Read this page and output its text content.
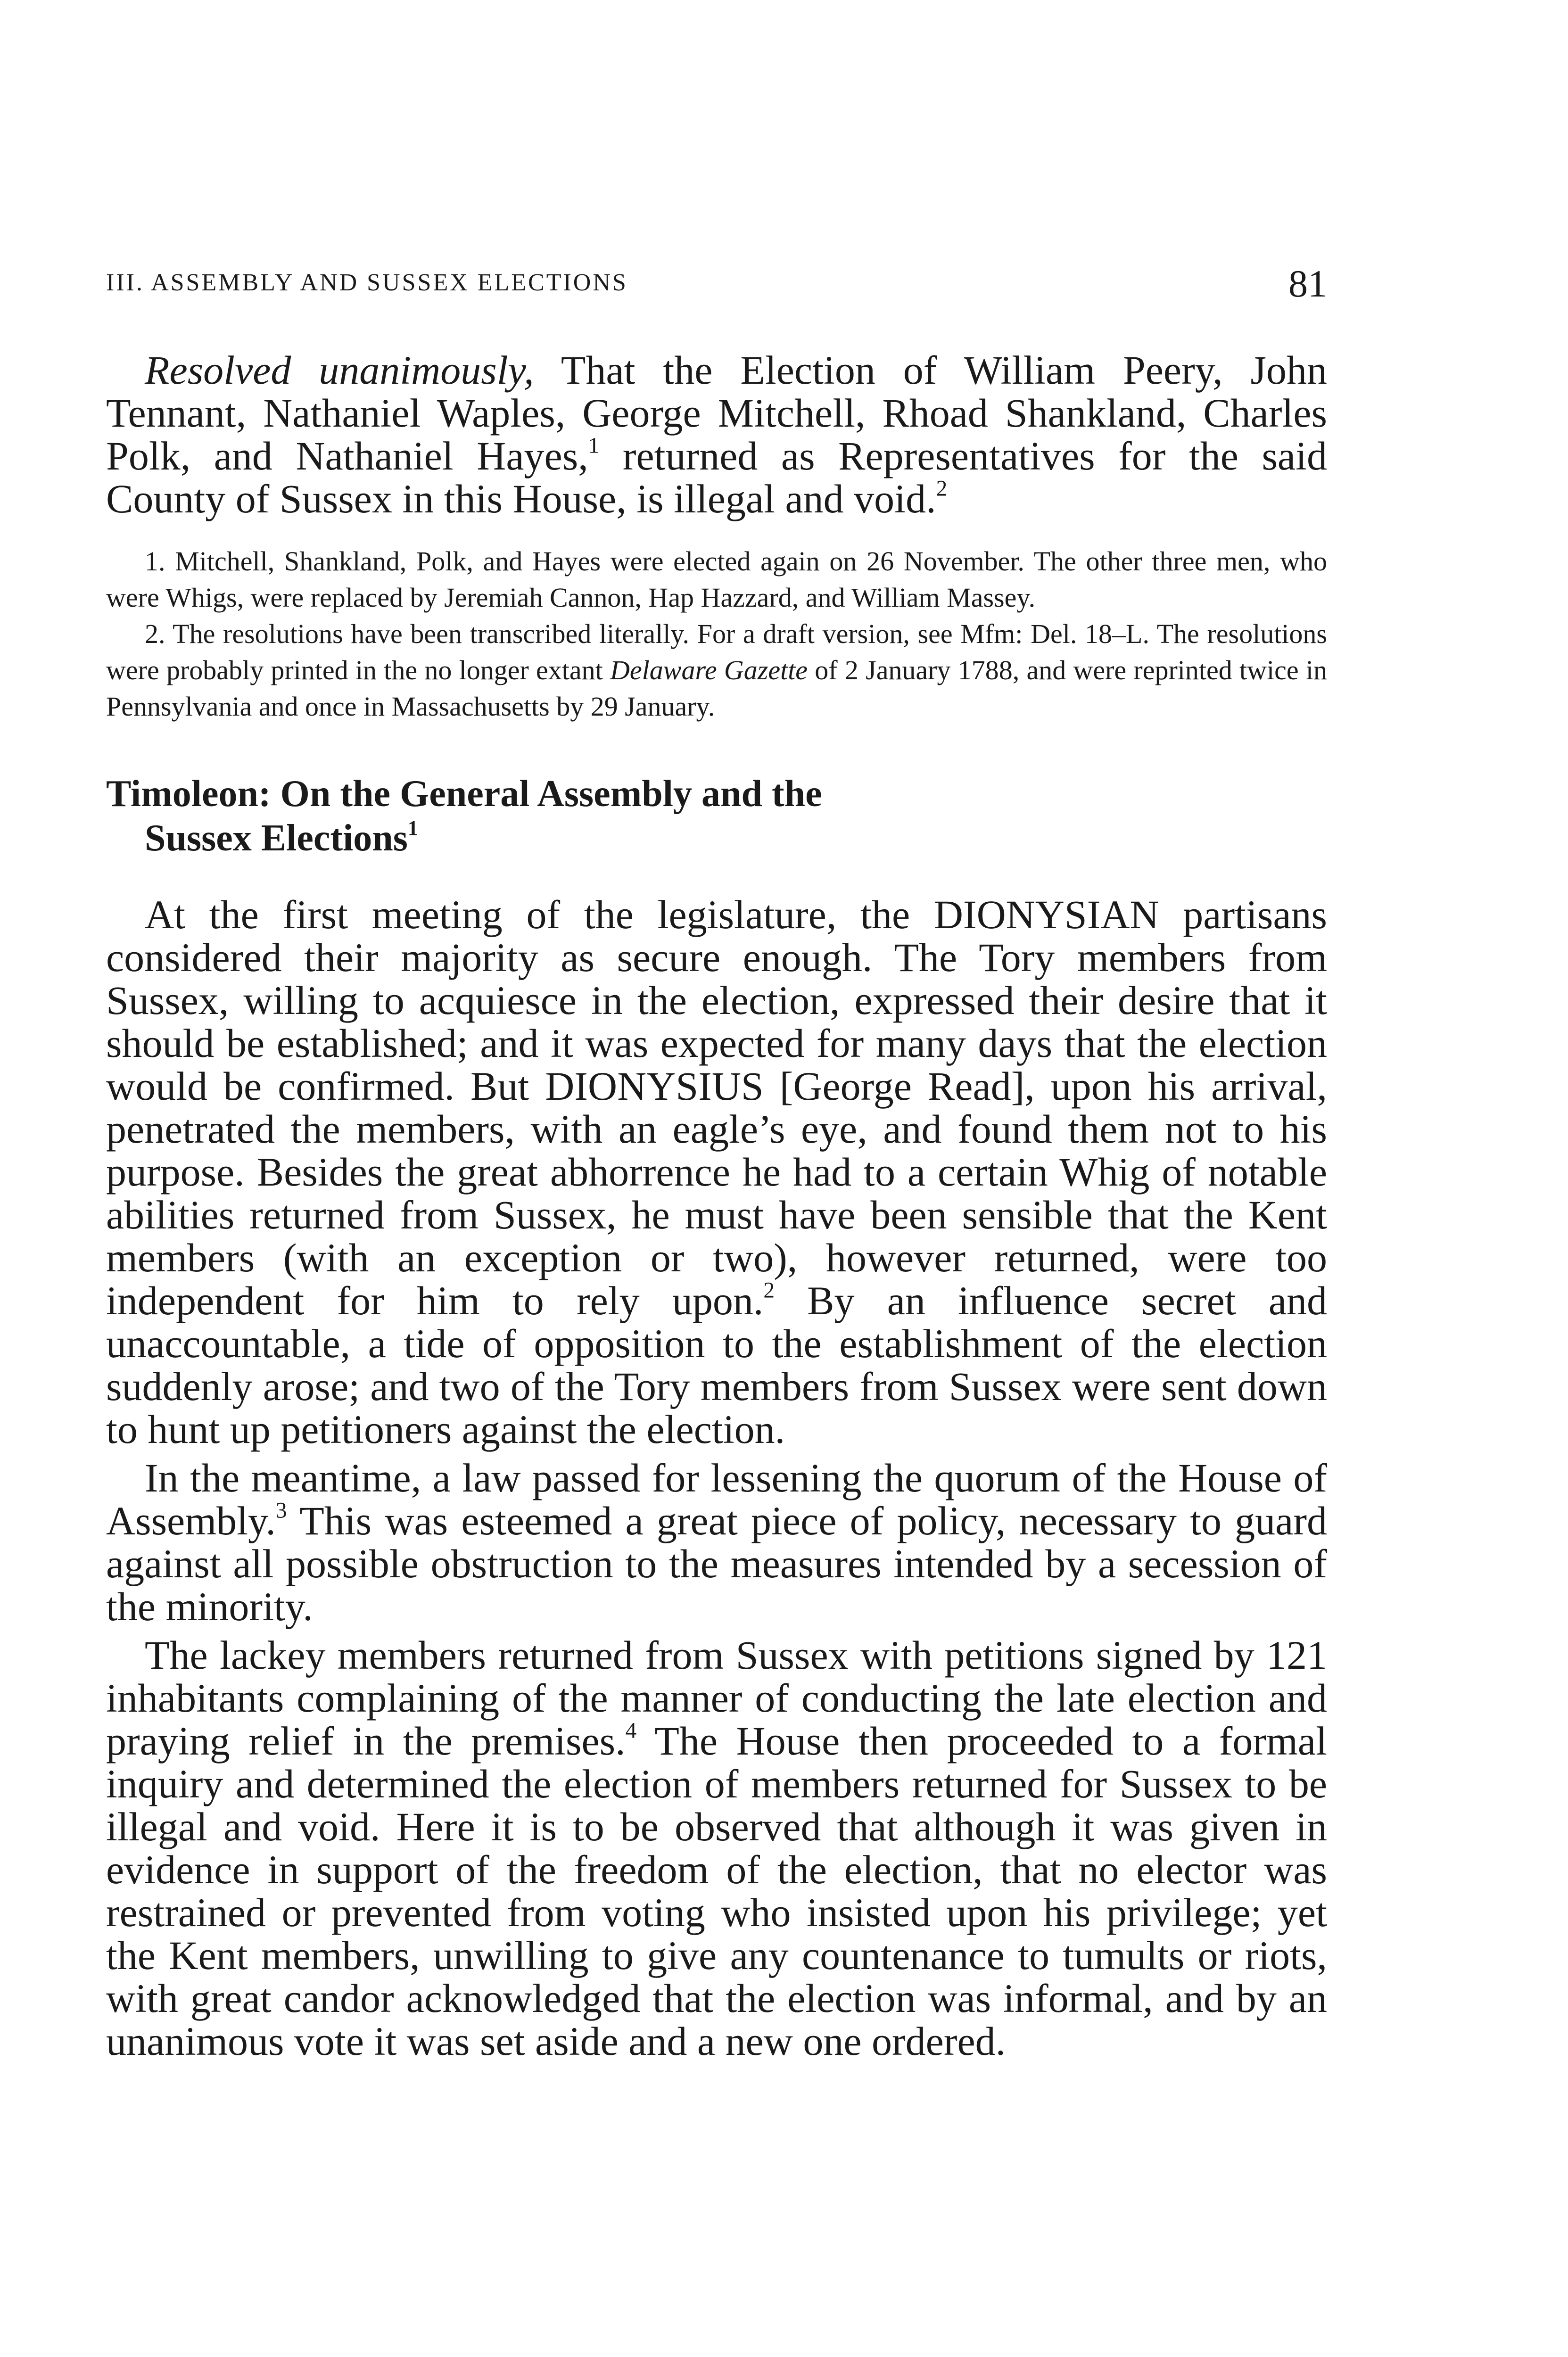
III. ASSEMBLY AND SUSSEX ELECTIONS	81

Resolved unanimously, That the Election of William Peery, John Tennant, Nathaniel Waples, George Mitchell, Rhoad Shankland, Charles Polk, and Nathaniel Hayes,$^1$ returned as Representatives for the said County of Sussex in this House, is illegal and void.$^2$

1. Mitchell, Shankland, Polk, and Hayes were elected again on 26 November. The other three men, who were Whigs, were replaced by Jeremiah Cannon, Hap Hazzard, and William Massey.

2. The resolutions have been transcribed literally. For a draft version, see Mfm: Del. 18–L. The resolutions were probably printed in the no longer extant Delaware Gazette of 2 January 1788, and were reprinted twice in Pennsylvania and once in Massachusetts by 29 January.

Timoleon: On the General Assembly and the
Sussex Elections$^1$

At the first meeting of the legislature, the DIONYSIAN partisans considered their majority as secure enough. The Tory members from Sussex, willing to acquiesce in the election, expressed their desire that it should be established; and it was expected for many days that the election would be confirmed. But DIONYSIUS [George Read], upon his arrival, penetrated the members, with an eagle’s eye, and found them not to his purpose. Besides the great abhorrence he had to a certain Whig of notable abilities returned from Sussex, he must have been sensible that the Kent members (with an exception or two), however returned, were too independent for him to rely upon.$^2$ By an influence secret and unaccountable, a tide of opposition to the establishment of the election suddenly arose; and two of the Tory members from Sussex were sent down to hunt up petitioners against the election.

In the meantime, a law passed for lessening the quorum of the House of Assembly.$^3$ This was esteemed a great piece of policy, necessary to guard against all possible obstruction to the measures intended by a secession of the minority.

The lackey members returned from Sussex with petitions signed by 121 inhabitants complaining of the manner of conducting the late election and praying relief in the premises.$^4$ The House then proceeded to a formal inquiry and determined the election of members returned for Sussex to be illegal and void. Here it is to be observed that although it was given in evidence in support of the freedom of the election, that no elector was restrained or prevented from voting who insisted upon his privilege; yet the Kent members, unwilling to give any countenance to tumults or riots, with great candor acknowledged that the election was informal, and by an unanimous vote it was set aside and a new one ordered.
